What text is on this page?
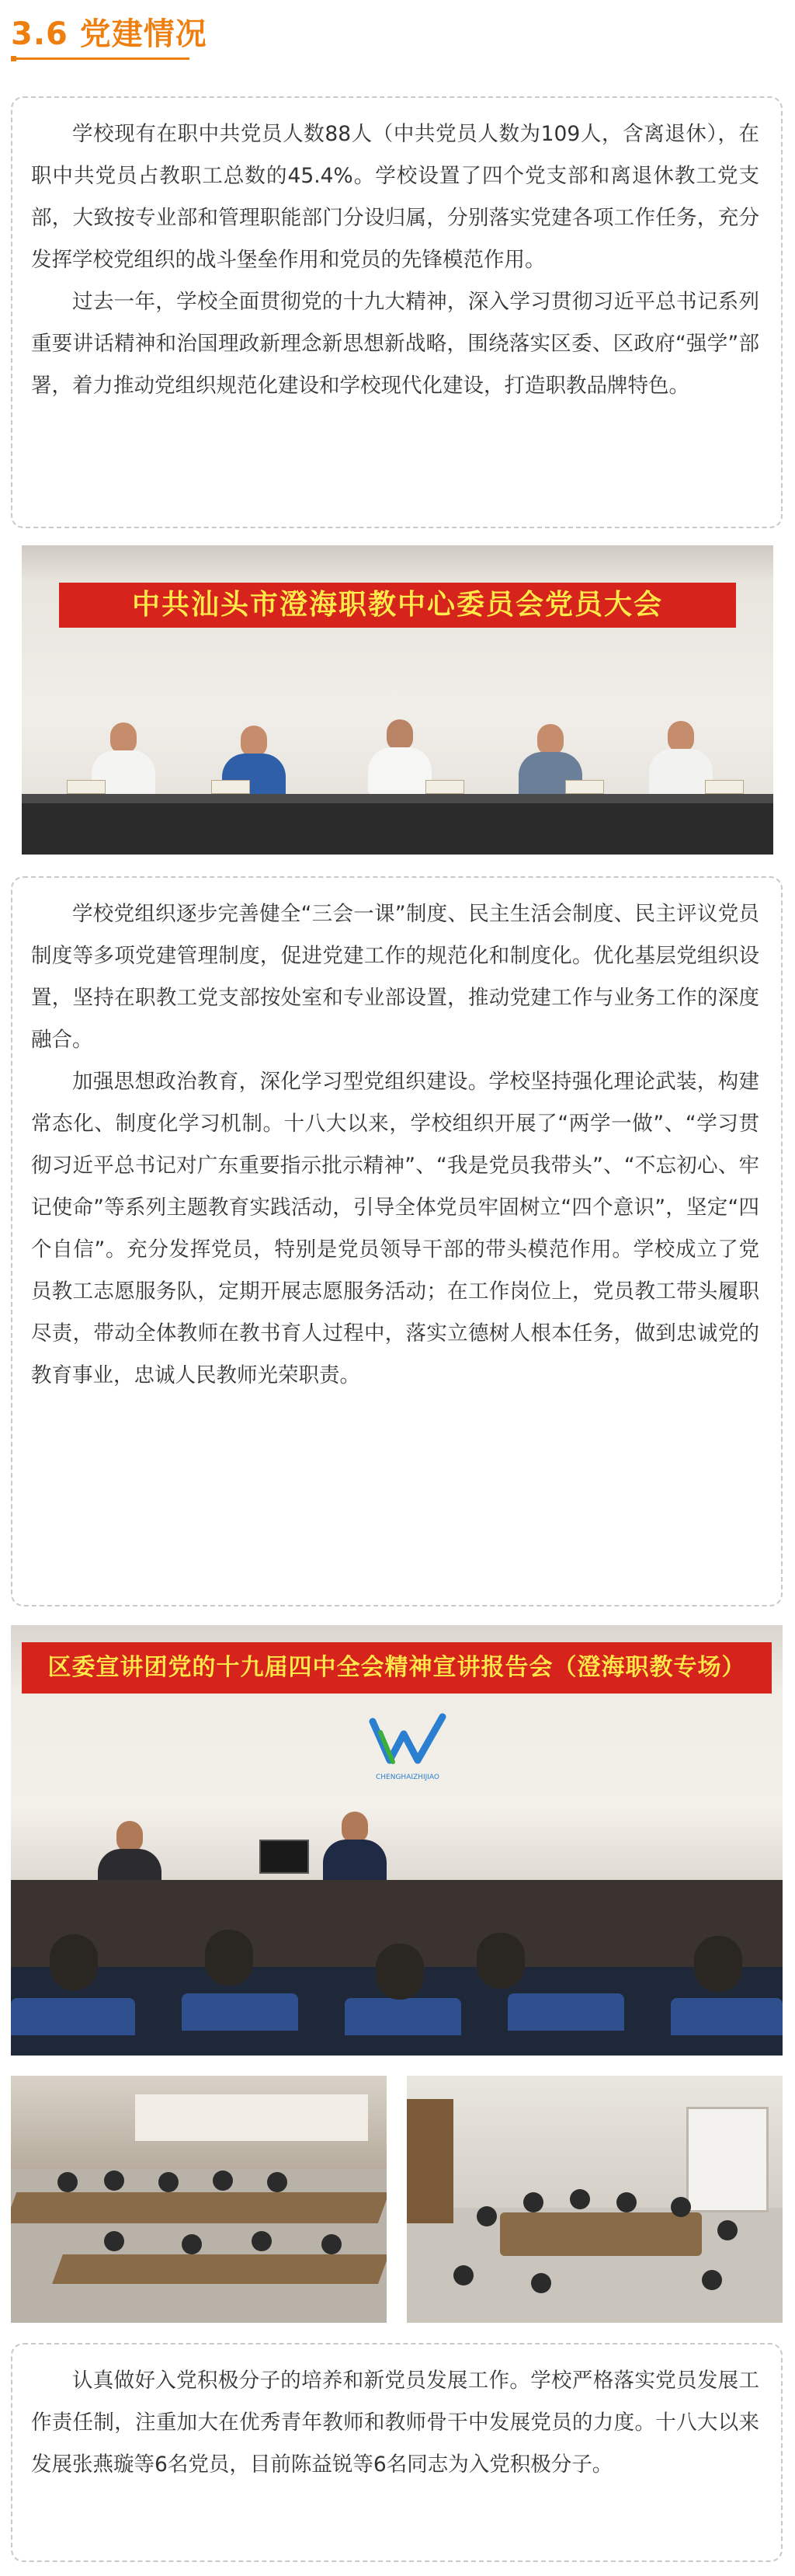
3.6 党建情况

学校现有在职中共党员人数88人（中共党员人数为109人，含离退休），在职中共党员占教职工总数的45.4%。学校设置了四个党支部和离退休教工党支部，大致按专业部和管理职能部门分设归属，分别落实党建各项工作任务，充分发挥学校党组织的战斗堡垒作用和党员的先锋模范作用。

过去一年，学校全面贯彻党的十九大精神，深入学习贯彻习近平总书记系列重要讲话精神和治国理政新理念新思想新战略，围绕落实区委、区政府“强学”部署，着力推动党组织规范化建设和学校现代化建设，打造职教品牌特色。

中共汕头市澄海职教中心委员会党员大会

学校党组织逐步完善健全“三会一课”制度、民主生活会制度、民主评议党员制度等多项党建管理制度，促进党建工作的规范化和制度化。优化基层党组织设置，坚持在职教工党支部按处室和专业部设置，推动党建工作与业务工作的深度融合。

加强思想政治教育，深化学习型党组织建设。学校坚持强化理论武装，构建常态化、制度化学习机制。十八大以来，学校组织开展了“两学一做”、“学习贯彻习近平总书记对广东重要指示批示精神”、“我是党员我带头”、“不忘初心、牢记使命”等系列主题教育实践活动，引导全体党员牢固树立“四个意识”，坚定“四个自信”。充分发挥党员，特别是党员领导干部的带头模范作用。学校成立了党员教工志愿服务队，定期开展志愿服务活动；在工作岗位上，党员教工带头履职尽责，带动全体教师在教书育人过程中，落实立德树人根本任务，做到忠诚党的教育事业，忠诚人民教师光荣职责。

区委宣讲团党的十九届四中全会精神宣讲报告会（澄海职教专场）
CHENGHAIZHIJIAO

认真做好入党积极分子的培养和新党员发展工作。学校严格落实党员发展工作责任制，注重加大在优秀青年教师和教师骨干中发展党员的力度。十八大以来发展张燕璇等6名党员，目前陈益锐等6名同志为入党积极分子。
